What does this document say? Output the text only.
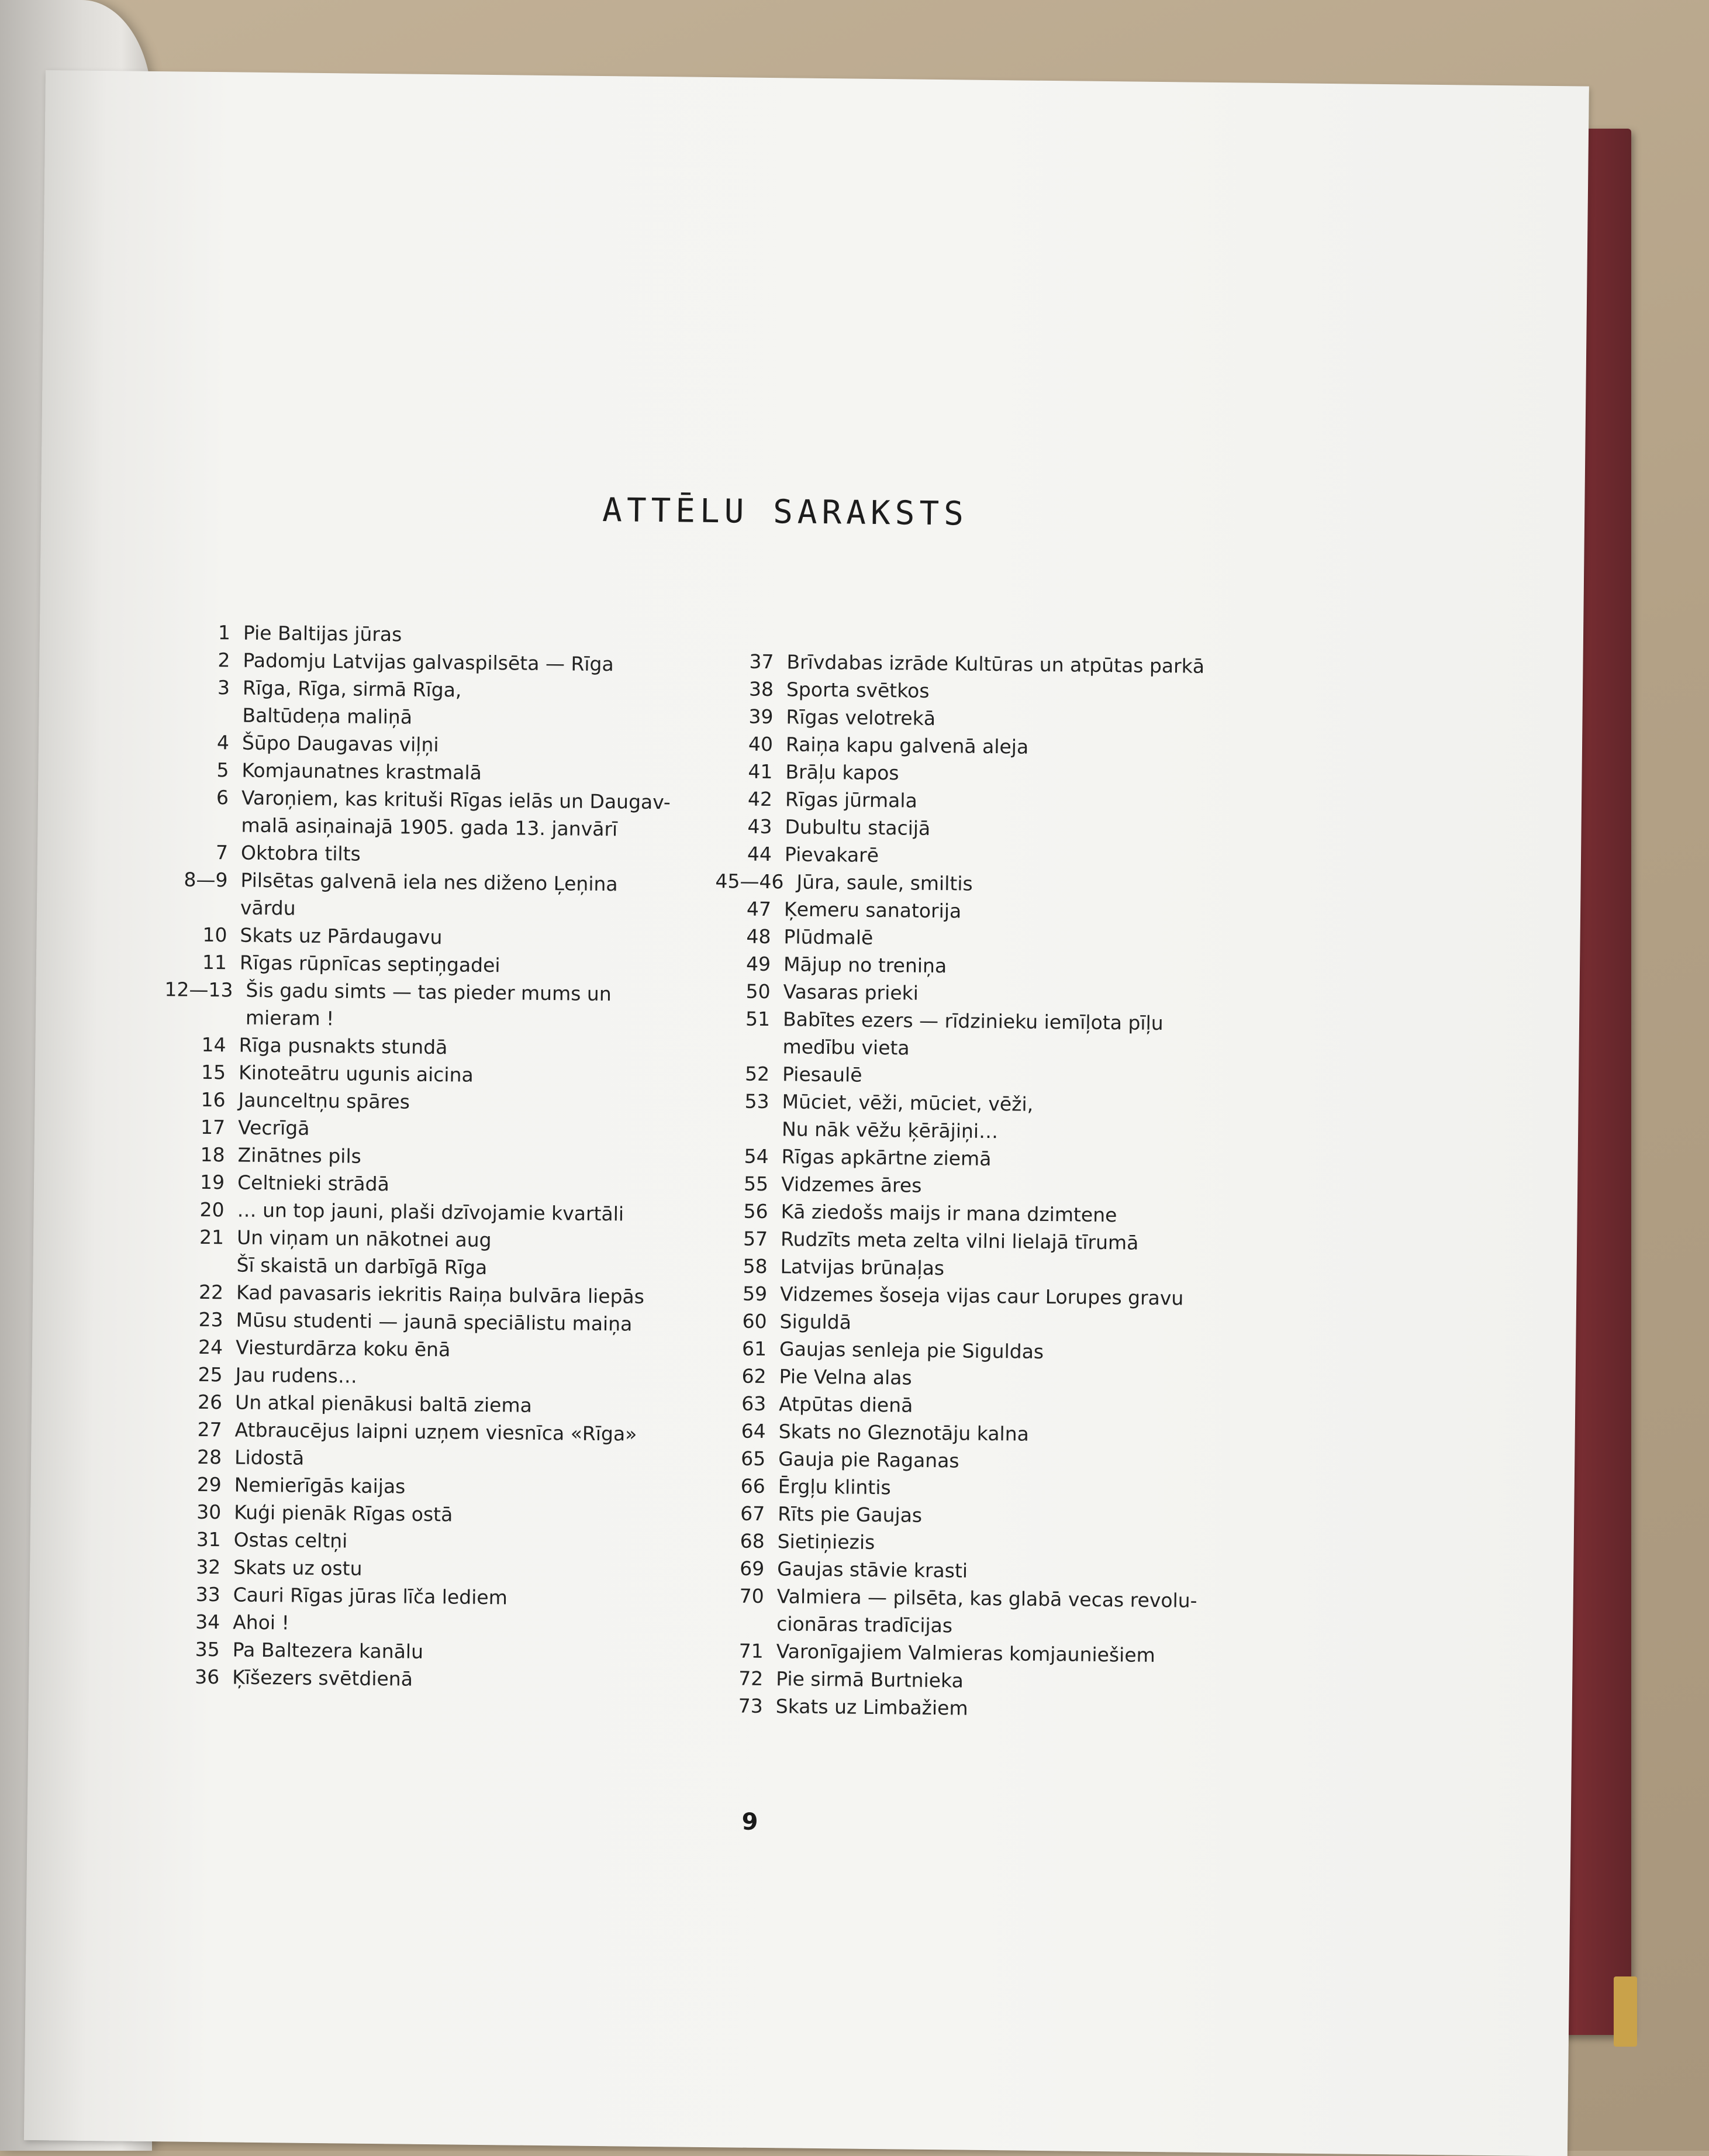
ATTĒLU SARAKSTS
1 Pie Baltijas jūras
2 Padomju Latvijas galvaspilsēta — Rīga
3 Rīga, Rīga, sirmā Rīga,
Baltūdeņa maliņā
4 Šūpo Daugavas viļņi
5 Komjaunatnes krastmalā
6 Varoņiem, kas krituši Rīgas ielās un Daugav-
malā asiņainajā 1905. gada 13. janvārī
7 Oktobra tilts
8—9 Pilsētas galvenā iela nes diženo Ļeņina
vārdu
10 Skats uz Pārdaugavu
11 Rīgas rūpnīcas septiņgadei
12—13 Šis gadu simts — tas pieder mums un
mieram !
14 Rīga pusnakts stundā
15 Kinoteātru ugunis aicina
16 Jaunceltņu spāres
17 Vecrīgā
18 Zinātnes pils
19 Celtnieki strādā
20 … un top jauni, plaši dzīvojamie kvartāli
21 Un viņam un nākotnei aug
Šī skaistā un darbīgā Rīga
22 Kad pavasaris iekritis Raiņa bulvāra liepās
23 Mūsu studenti — jaunā speciālistu maiņa
24 Viesturdārza koku ēnā
25 Jau rudens…
26 Un atkal pienākusi baltā ziema
27 Atbraucējus laipni uzņem viesnīca «Rīga»
28 Lidostā
29 Nemierīgās kaijas
30 Kuģi pienāk Rīgas ostā
31 Ostas celtņi
32 Skats uz ostu
33 Cauri Rīgas jūras līča lediem
34 Ahoi !
35 Pa Baltezera kanālu
36 Ķīšezers svētdienā
37 Brīvdabas izrāde Kultūras un atpūtas parkā
38 Sporta svētkos
39 Rīgas velotrekā
40 Raiņa kapu galvenā aleja
41 Brāļu kapos
42 Rīgas jūrmala
43 Dubultu stacijā
44 Pievakarē
45—46 Jūra, saule, smiltis
47 Ķemeru sanatorija
48 Plūdmalē
49 Mājup no treniņa
50 Vasaras prieki
51 Babītes ezers — rīdzinieku iemīļota pīļu
medību vieta
52 Piesaulē
53 Mūciet, vēži, mūciet, vēži,
Nu nāk vēžu ķērājiņi…
54 Rīgas apkārtne ziemā
55 Vidzemes āres
56 Kā ziedošs maijs ir mana dzimtene
57 Rudzīts meta zelta vilni lielajā tīrumā
58 Latvijas brūnaļas
59 Vidzemes šoseja vijas caur Lorupes gravu
60 Siguldā
61 Gaujas senleja pie Siguldas
62 Pie Velna alas
63 Atpūtas dienā
64 Skats no Gleznotāju kalna
65 Gauja pie Raganas
66 Ērgļu klintis
67 Rīts pie Gaujas
68 Sietiņiezis
69 Gaujas stāvie krasti
70 Valmiera — pilsēta, kas glabā vecas revolu-
cionāras tradīcijas
71 Varonīgajiem Valmieras komjauniešiem
72 Pie sirmā Burtnieka
73 Skats uz Limbažiem
9
